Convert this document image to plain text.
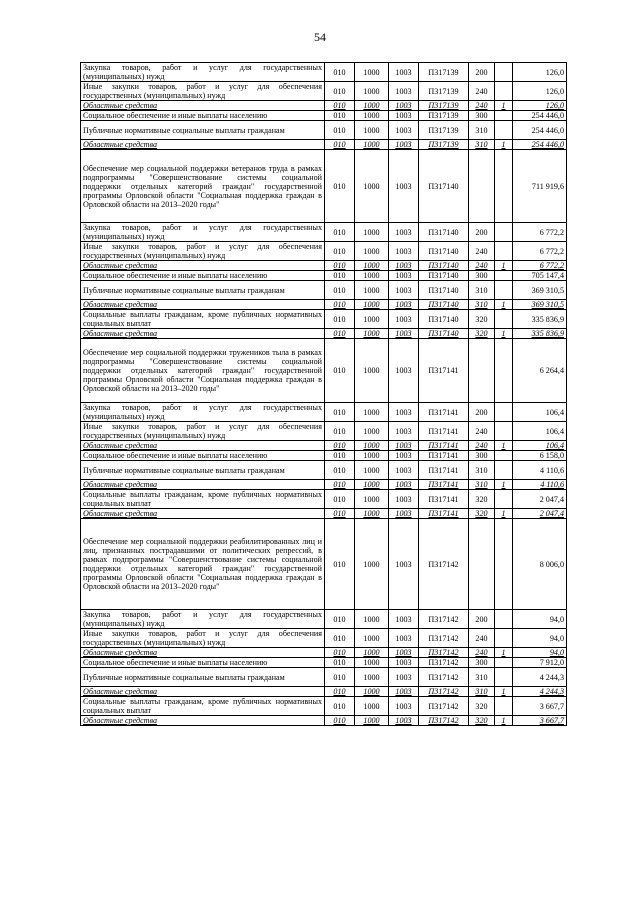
54
Закупка товаров, работ и услуг для государственных (муниципальных) нужд	010	1000	1003	П317139	200		126,0
Иные закупки товаров, работ и услуг для обеспечения государственных (муниципальных) нужд	010	1000	1003	П317139	240		126,0
Областные средства	010	1000	1003	П317139	240	1	126,0
Социальное обеспечение и иные выплаты населению	010	1000	1003	П317139	300		254 446,0
Публичные нормативные социальные выплаты гражданам	010	1000	1003	П317139	310		254 446,0
Областные средства	010	1000	1003	П317139	310	1	254 446,0
Обеспечение мер социальной поддержки ветеранов труда в рамках подпрограммы "Совершенствование системы социальной поддержки отдельных категорий граждан" государственной программы Орловской области "Социальная поддержка граждан в Орловской области на 2013–2020 годы"	010	1000	1003	П317140			711 919,6
Закупка товаров, работ и услуг для государственных (муниципальных) нужд	010	1000	1003	П317140	200		6 772,2
Иные закупки товаров, работ и услуг для обеспечения государственных (муниципальных) нужд	010	1000	1003	П317140	240		6 772,2
Областные средства	010	1000	1003	П317140	240	1	6 772,2
Социальное обеспечение и иные выплаты населению	010	1000	1003	П317140	300		705 147,4
Публичные нормативные социальные выплаты гражданам	010	1000	1003	П317140	310		369 310,5
Областные средства	010	1000	1003	П317140	310	1	369 310,5
Социальные выплаты гражданам, кроме публичных нормативных социальных выплат	010	1000	1003	П317140	320		335 836,9
Областные средства	010	1000	1003	П317140	320	1	335 836,9
Обеспечение мер социальной поддержки тружеников тыла в рамках подпрограммы "Совершенствование системы социальной поддержки отдельных категорий граждан" государственной программы Орловской области "Социальная поддержка граждан в Орловской области на 2013–2020 годы"	010	1000	1003	П317141			6 264,4
Закупка товаров, работ и услуг для государственных (муниципальных) нужд	010	1000	1003	П317141	200		106,4
Иные закупки товаров, работ и услуг для обеспечения государственных (муниципальных) нужд	010	1000	1003	П317141	240		106,4
Областные средства	010	1000	1003	П317141	240	1	106,4
Социальное обеспечение и иные выплаты населению	010	1000	1003	П317141	300		6 158,0
Публичные нормативные социальные выплаты гражданам	010	1000	1003	П317141	310		4 110,6
Областные средства	010	1000	1003	П317141	310	1	4 110,6
Социальные выплаты гражданам, кроме публичных нормативных социальных выплат	010	1000	1003	П317141	320		2 047,4
Областные средства	010	1000	1003	П317141	320	1	2 047,4
Обеспечение мер социальной поддержки реабилитированных лиц и лиц, признанных пострадавшими от политических репрессий, в рамках подпрограммы "Совершенствование системы социальной поддержки отдельных категорий граждан" государственной программы Орловской области "Социальная поддержка граждан в Орловской области на 2013–2020 годы"	010	1000	1003	П317142			8 006,0
Закупка товаров, работ и услуг для государственных (муниципальных) нужд	010	1000	1003	П317142	200		94,0
Иные закупки товаров, работ и услуг для обеспечения государственных (муниципальных) нужд	010	1000	1003	П317142	240		94,0
Областные средства	010	1000	1003	П317142	240	1	94,0
Социальное обеспечение и иные выплаты населению	010	1000	1003	П317142	300		7 912,0
Публичные нормативные социальные выплаты гражданам	010	1000	1003	П317142	310		4 244,3
Областные средства	010	1000	1003	П317142	310	1	4 244,3
Социальные выплаты гражданам, кроме публичных нормативных социальных выплат	010	1000	1003	П317142	320		3 667,7
Областные средства	010	1000	1003	П317142	320	1	3 667,7
